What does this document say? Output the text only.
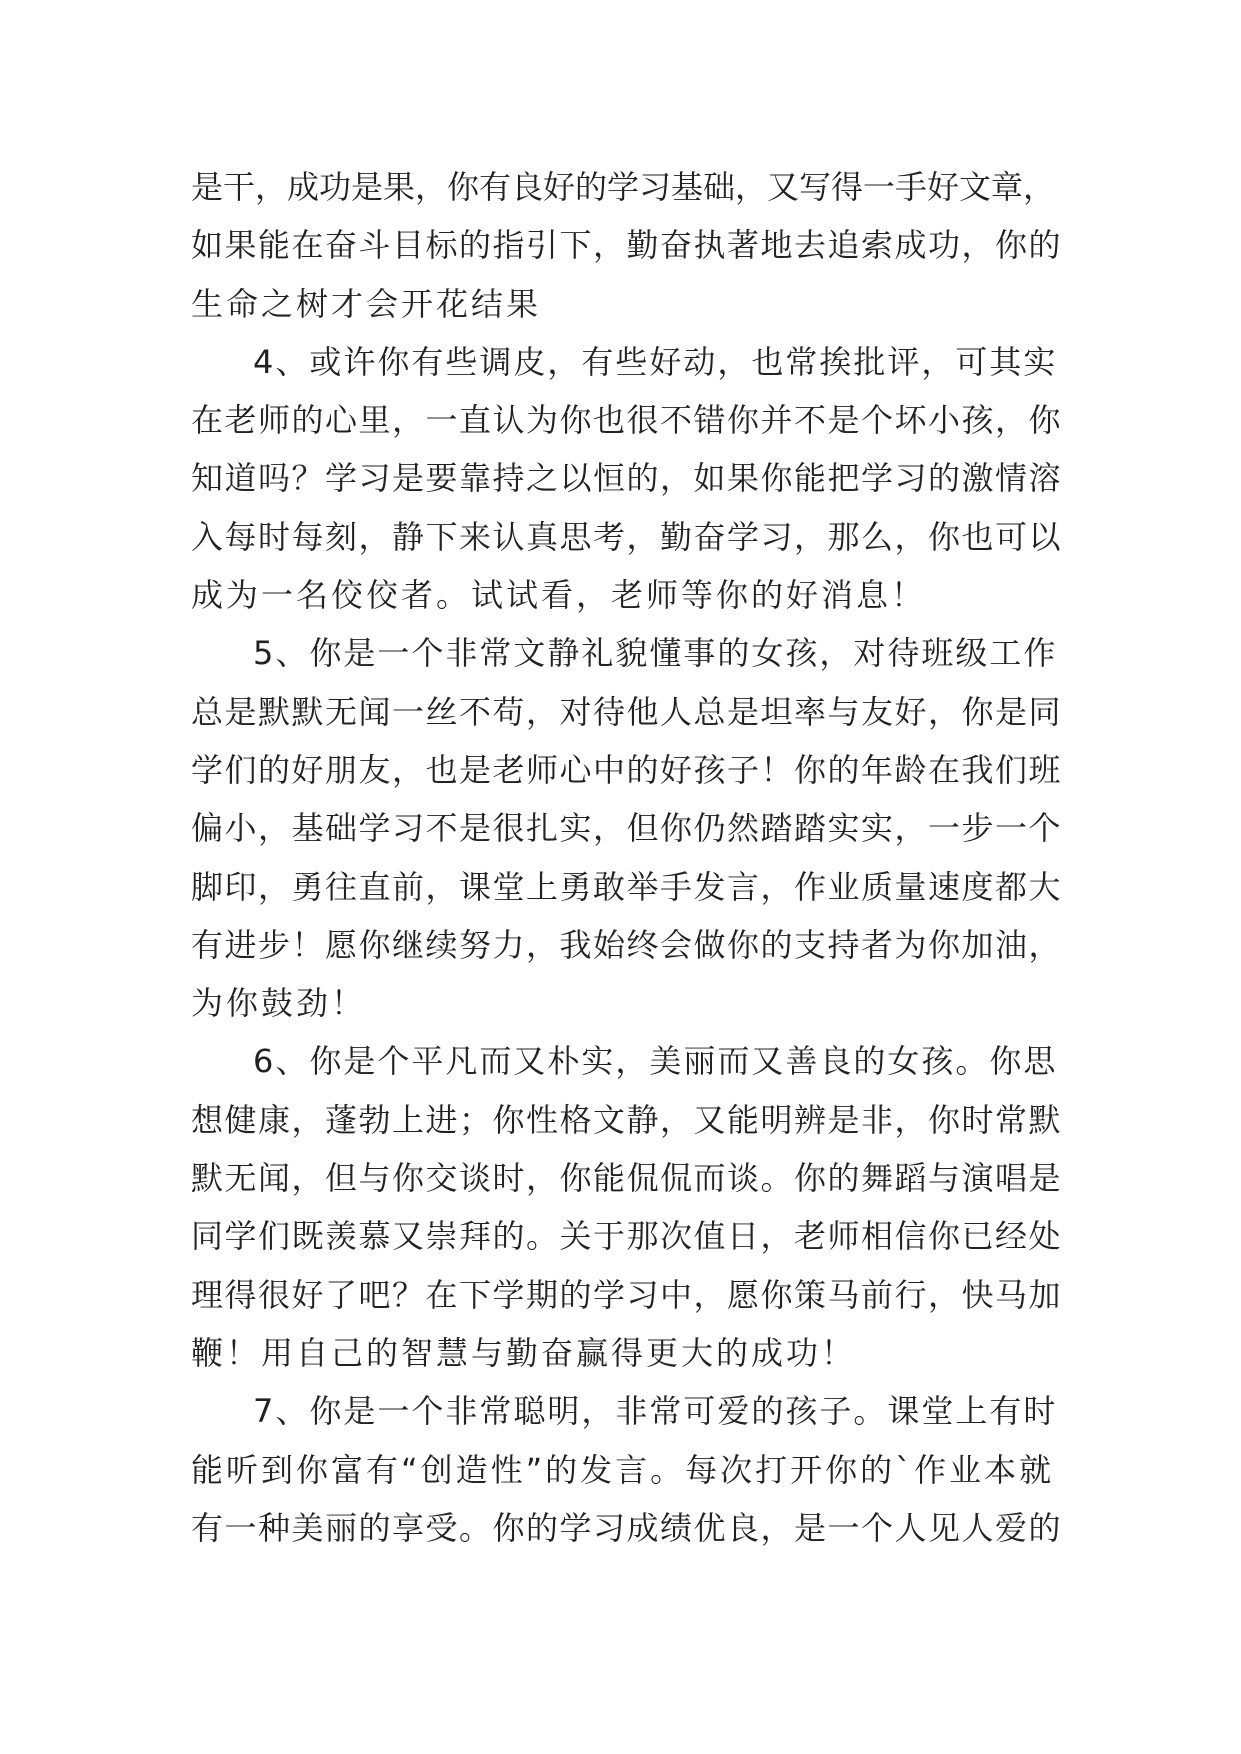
是干，成功是果，你有良好的学习基础，又写得一手好文章，
如果能在奋斗目标的指引下，勤奋执著地去追索成功，你的
生命之树才会开花结果
4、或许你有些调皮，有些好动，也常挨批评，可其实
在老师的心里，一直认为你也很不错你并不是个坏小孩，你
知道吗？学习是要靠持之以恒的，如果你能把学习的激情溶
入每时每刻，静下来认真思考，勤奋学习，那么，你也可以
成为一名佼佼者。试试看，老师等你的好消息！
5、你是一个非常文静礼貌懂事的女孩，对待班级工作
总是默默无闻一丝不苟，对待他人总是坦率与友好，你是同
学们的好朋友，也是老师心中的好孩子！你的年龄在我们班
偏小，基础学习不是很扎实，但你仍然踏踏实实，一步一个
脚印，勇往直前，课堂上勇敢举手发言，作业质量速度都大
有进步！愿你继续努力，我始终会做你的支持者为你加油，
为你鼓劲！
6、你是个平凡而又朴实，美丽而又善良的女孩。你思
想健康，蓬勃上进；你性格文静，又能明辨是非，你时常默
默无闻，但与你交谈时，你能侃侃而谈。你的舞蹈与演唱是
同学们既羡慕又崇拜的。关于那次值日，老师相信你已经处
理得很好了吧？在下学期的学习中，愿你策马前行，快马加
鞭！用自己的智慧与勤奋赢得更大的成功！
7、你是一个非常聪明，非常可爱的孩子。课堂上有时
能听到你富有“创造性”的发言。每次打开你的`作业本就
有一种美丽的享受。你的学习成绩优良，是一个人见人爱的
